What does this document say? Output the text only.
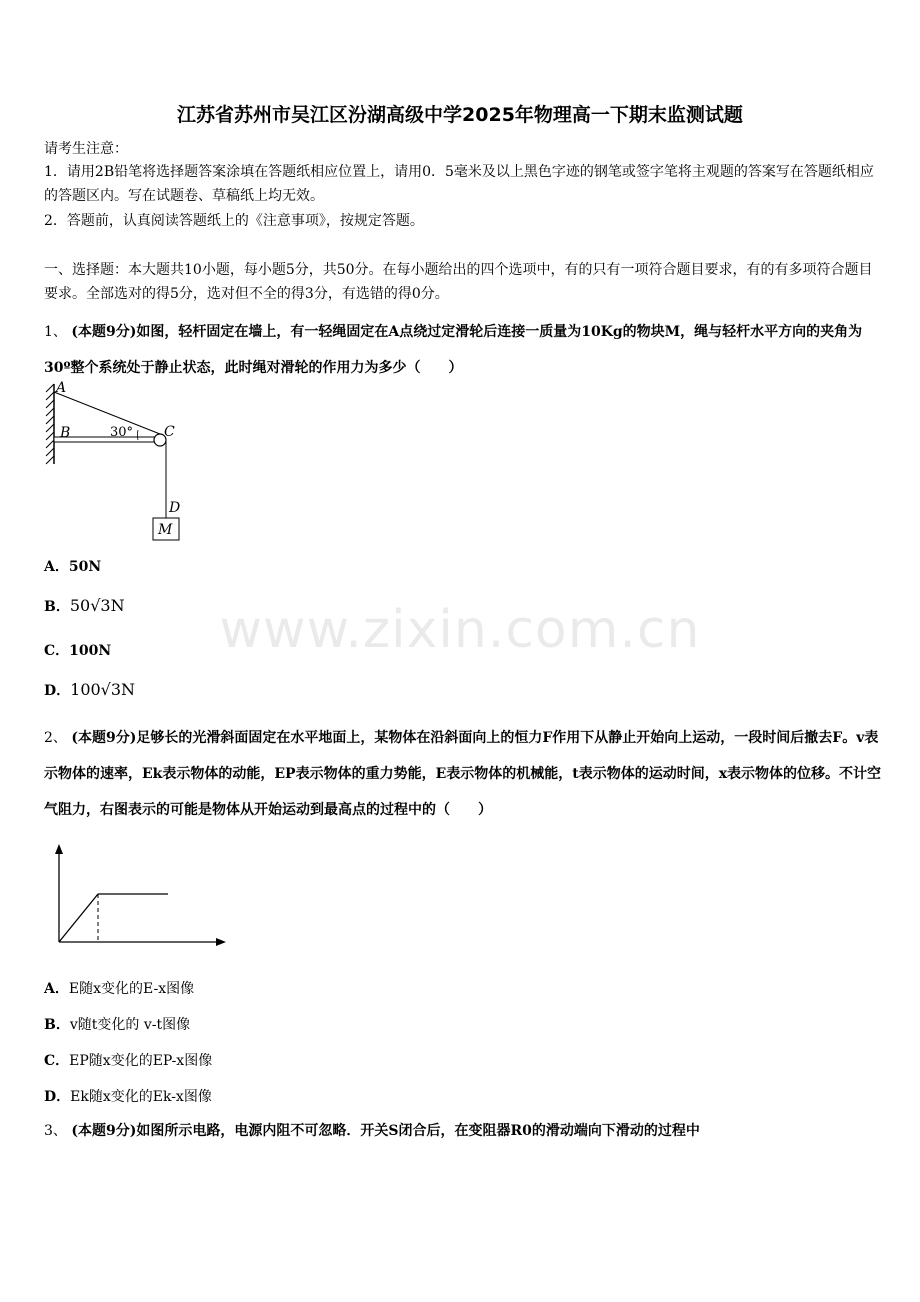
江苏省苏州市吴江区汾湖高级中学2025年物理高一下期末监测试题
请考生注意：
1．请用2B铅笔将选择题答案涂填在答题纸相应位置上，请用0．5毫米及以上黑色字迹的钢笔或签字笔将主观题的答案写在答题纸相应的答题区内。写在试题卷、草稿纸上均无效。
2．答题前，认真阅读答题纸上的《注意事项》，按规定答题。
一、选择题：本大题共10小题，每小题5分，共50分。在每小题给出的四个选项中，有的只有一项符合题目要求，有的有多项符合题目要求。全部选对的得5分，选对但不全的得3分，有选错的得0分。
1、 (本题9分)如图，轻杆固定在墙上，有一轻绳固定在A点绕过定滑轮后连接一质量为10Kg的物块M，绳与轻杆水平方向的夹角为30º整个系统处于静止状态，此时绳对滑轮的作用力为多少（　　）
A
B	C
D
M
30°
A．50N
B．50√3N
C．100N
D．100√3N
www.zixin.com.cn
2、 (本题9分)足够长的光滑斜面固定在水平地面上，某物体在沿斜面向上的恒力F作用下从静止开始向上运动，一段时间后撤去F。v表示物体的速率，Ek表示物体的动能，EP表示物体的重力势能，E表示物体的机械能，t表示物体的运动时间，x表示物体的位移。不计空气阻力，右图表示的可能是物体从开始运动到最高点的过程中的（　　）
A．E随x变化的E-x图像
B．v随t变化的 v-t图像
C．EP随x变化的EP-x图像
D．Ek随x变化的Ek-x图像
3、 (本题9分)如图所示电路，电源内阻不可忽略．开关S闭合后，在变阻器R0的滑动端向下滑动的过程中
